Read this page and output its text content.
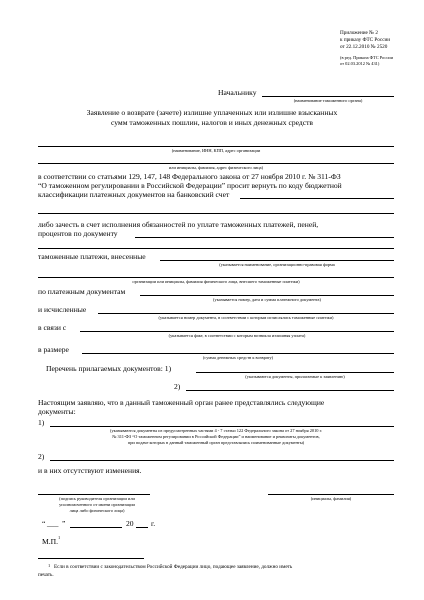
Приложение № 2
к приказу ФТС России
от 22.12.2010 № 2520
(в ред. Приказа ФТС России
от 02.03.2012 № 431)
Начальнику
(наименование таможенного органа)
Заявление о возврате (зачете) излишне уплаченных или излишне взысканных
сумм таможенных пошлин, налогов и иных денежных средств
(наименование, ИНН, КПП, адрес организации
или инициалы, фамилия, адрес физического лица)
в соответствии со статьями 129, 147, 148 Федерального закона от 27 ноября 2010 г. № 311-ФЗ
“О таможенном регулировании в Российской Федерации” просит вернуть по коду бюджетной
классификации платежных документов на банковский счет
либо зачесть в счет исполнения обязанностей по уплате таможенных платежей, пеней,
процентов по документу
таможенные платежи, внесенные
(указывается наименование, организационно-правовая форма
организации или инициалы, фамилия физического лица, внесшего таможенные платежи)
по платежным документам
(указывается номер, дата и сумма платежного документа)
и исчисленные
(указывается номер документа, в соответствии с которым исчислялись таможенные платежи)
в связи с
(указывается факт, в соответствии с которым возникла излишняя уплата)
в размере
(сумма денежных средств к возврату)
Перечень прилагаемых документов: 1)
(указываются документы, прилагаемые к заявлению)
2)
Настоящим заявляю, что в данный таможенный орган ранее представлялись следующие
документы:
1)
(указываются документы из предусмотренных частями 4 - 7 статьи 122 Федерального закона от 27 ноября 2010 г.
№ 311-ФЗ “О таможенном регулировании в Российской Федерации” и наименование и реквизиты документов,
при подаче которых в данный таможенный орган представлялись поименованные документы)
2)
и в них отсутствуют изменения.
(подпись руководителя организации или
уполномоченного от имени организации
лица либо физического лица)
(инициалы, фамилия)
“ ___ ”	20 г.
М.П. 1
1 Если в соответствии с законодательством Российской Федерации лицо, подающее заявление, должно иметь
печать.
